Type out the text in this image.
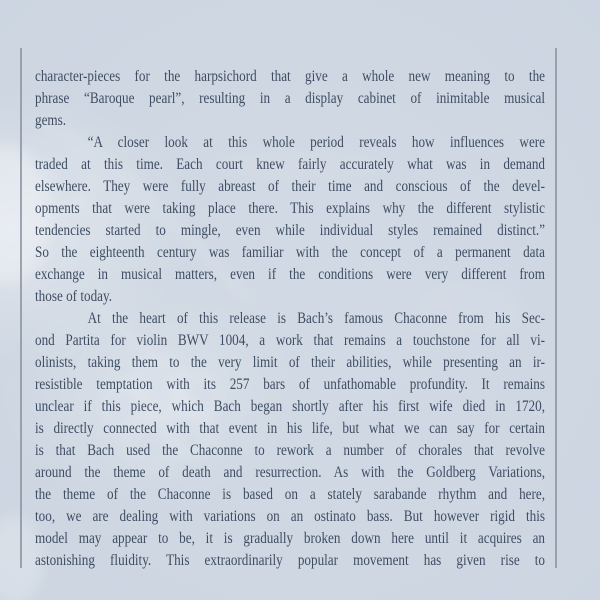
character-pieces for the harpsichord that give a whole new meaning to the
phrase “Baroque pearl”, resulting in a display cabinet of inimitable musical
gems.
“A closer look at this whole period reveals how influences were
traded at this time. Each court knew fairly accurately what was in demand
elsewhere. They were fully abreast of their time and conscious of the devel-
opments that were taking place there. This explains why the different stylistic
tendencies started to mingle, even while individual styles remained distinct.”
So the eighteenth century was familiar with the concept of a permanent data
exchange in musical matters, even if the conditions were very different from
those of today.
At the heart of this release is Bach’s famous Chaconne from his Sec-
ond Partita for violin BWV 1004, a work that remains a touchstone for all vi-
olinists, taking them to the very limit of their abilities, while presenting an ir-
resistible temptation with its 257 bars of unfathomable profundity. It remains
unclear if this piece, which Bach began shortly after his first wife died in 1720,
is directly connected with that event in his life, but what we can say for certain
is that Bach used the Chaconne to rework a number of chorales that revolve
around the theme of death and resurrection. As with the Goldberg Variations,
the theme of the Chaconne is based on a stately sarabande rhythm and here,
too, we are dealing with variations on an ostinato bass. But however rigid this
model may appear to be, it is gradually broken down here until it acquires an
astonishing fluidity. This extraordinarily popular movement has given rise to
